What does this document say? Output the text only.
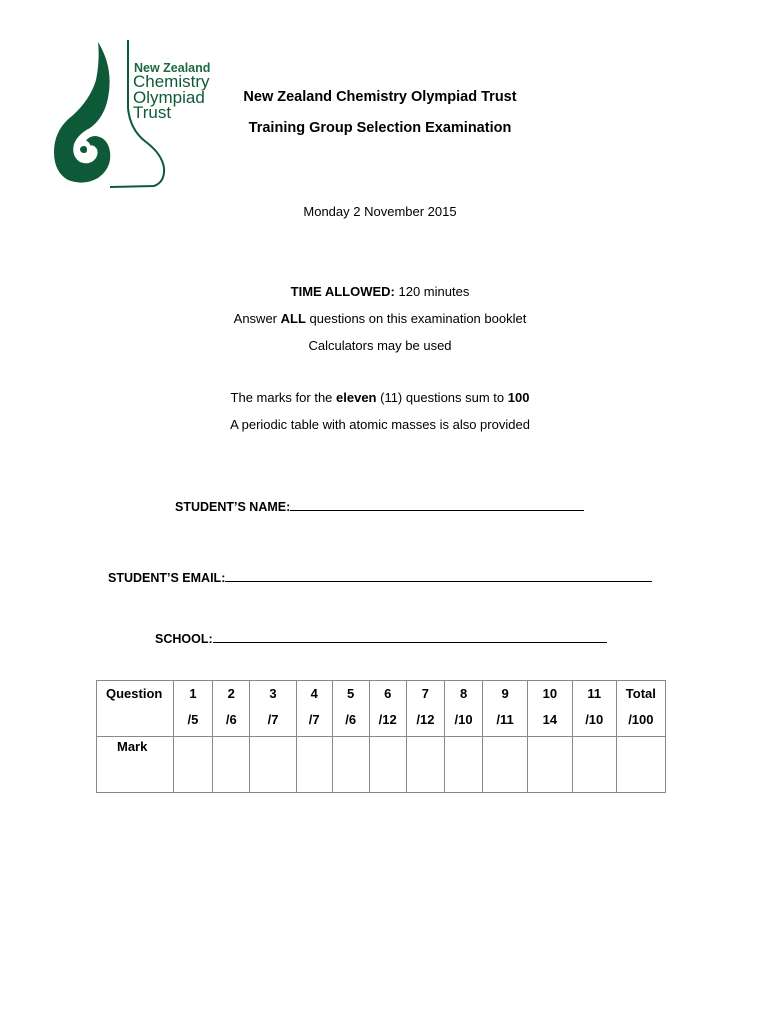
New Zealand
Chemistry
Olympiad
Trust
New Zealand Chemistry Olympiad Trust
Training Group Selection Examination
Monday 2 November 2015
TIME ALLOWED: 120 minutes
Answer ALL questions on this examination booklet
Calculators may be used
The marks for the eleven (11) questions sum to 100
A periodic table with atomic masses is also provided
STUDENT’S NAME:
STUDENT’S EMAIL:
SCHOOL:
Question	1	2	3	4	5	6	7	8	9	10	11	Total
	/5	/6	/7	/7	/6	/12	/12	/10	/11	14	/10	/100
Mark												
